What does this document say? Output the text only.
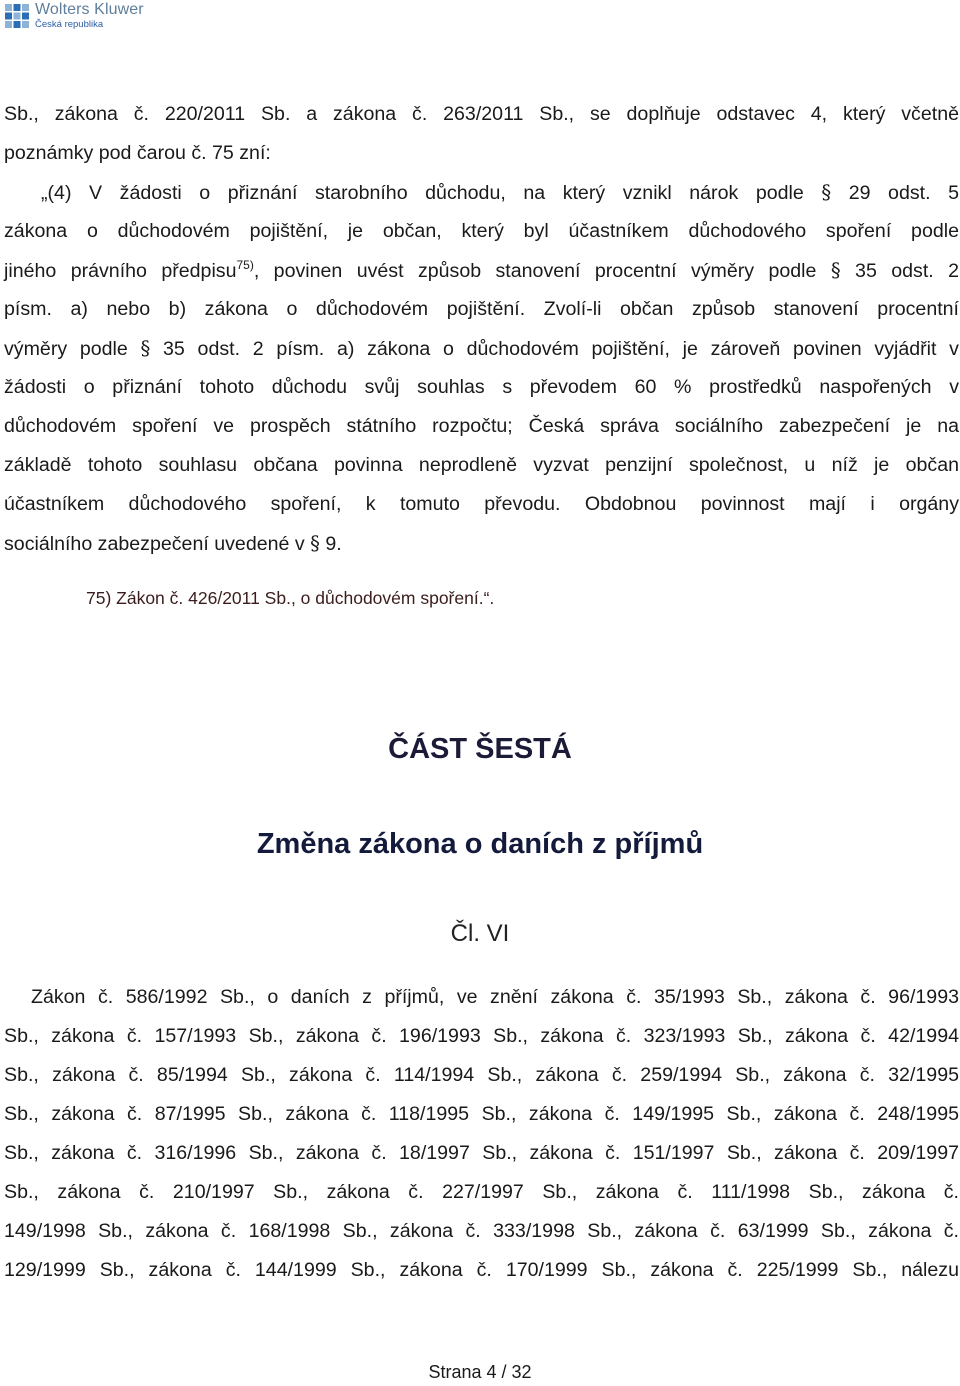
Wolters Kluwer
Česká republika
Sb., zákona č. 220/2011 Sb. a zákona č. 263/2011 Sb., se doplňuje odstavec 4, který včetně
poznámky pod čarou č. 75 zní:
„(4) V žádosti o přiznání starobního důchodu, na který vznikl nárok podle § 29 odst. 5
zákona o důchodovém pojištění, je občan, který byl účastníkem důchodového spoření podle
jiného právního předpisu$^{75)}$, povinen uvést způsob stanovení procentní výměry podle § 35 odst. 2
písm. a) nebo b) zákona o důchodovém pojištění. Zvolí-li občan způsob stanovení procentní
výměry podle § 35 odst. 2 písm. a) zákona o důchodovém pojištění, je zároveň povinen vyjádřit v
žádosti o přiznání tohoto důchodu svůj souhlas s převodem 60 % prostředků naspořených v
důchodovém spoření ve prospěch státního rozpočtu; Česká správa sociálního zabezpečení je na
základě tohoto souhlasu občana povinna neprodleně vyzvat penzijní společnost, u níž je občan
účastníkem důchodového spoření, k tomuto převodu. Obdobnou povinnost mají i orgány
sociálního zabezpečení uvedené v § 9.
75) Zákon č. 426/2011 Sb., o důchodovém spoření.“.
ČÁST ŠESTÁ
Změna zákona o daních z příjmů
Čl. VI
Zákon č. 586/1992 Sb., o daních z příjmů, ve znění zákona č. 35/1993 Sb., zákona č. 96/1993
Sb., zákona č. 157/1993 Sb., zákona č. 196/1993 Sb., zákona č. 323/1993 Sb., zákona č. 42/1994
Sb., zákona č. 85/1994 Sb., zákona č. 114/1994 Sb., zákona č. 259/1994 Sb., zákona č. 32/1995
Sb., zákona č. 87/1995 Sb., zákona č. 118/1995 Sb., zákona č. 149/1995 Sb., zákona č. 248/1995
Sb., zákona č. 316/1996 Sb., zákona č. 18/1997 Sb., zákona č. 151/1997 Sb., zákona č. 209/1997
Sb., zákona č. 210/1997 Sb., zákona č. 227/1997 Sb., zákona č. 111/1998 Sb., zákona č.
149/1998 Sb., zákona č. 168/1998 Sb., zákona č. 333/1998 Sb., zákona č. 63/1999 Sb., zákona č.
129/1999 Sb., zákona č. 144/1999 Sb., zákona č. 170/1999 Sb., zákona č. 225/1999 Sb., nálezu
Strana 4 / 32
